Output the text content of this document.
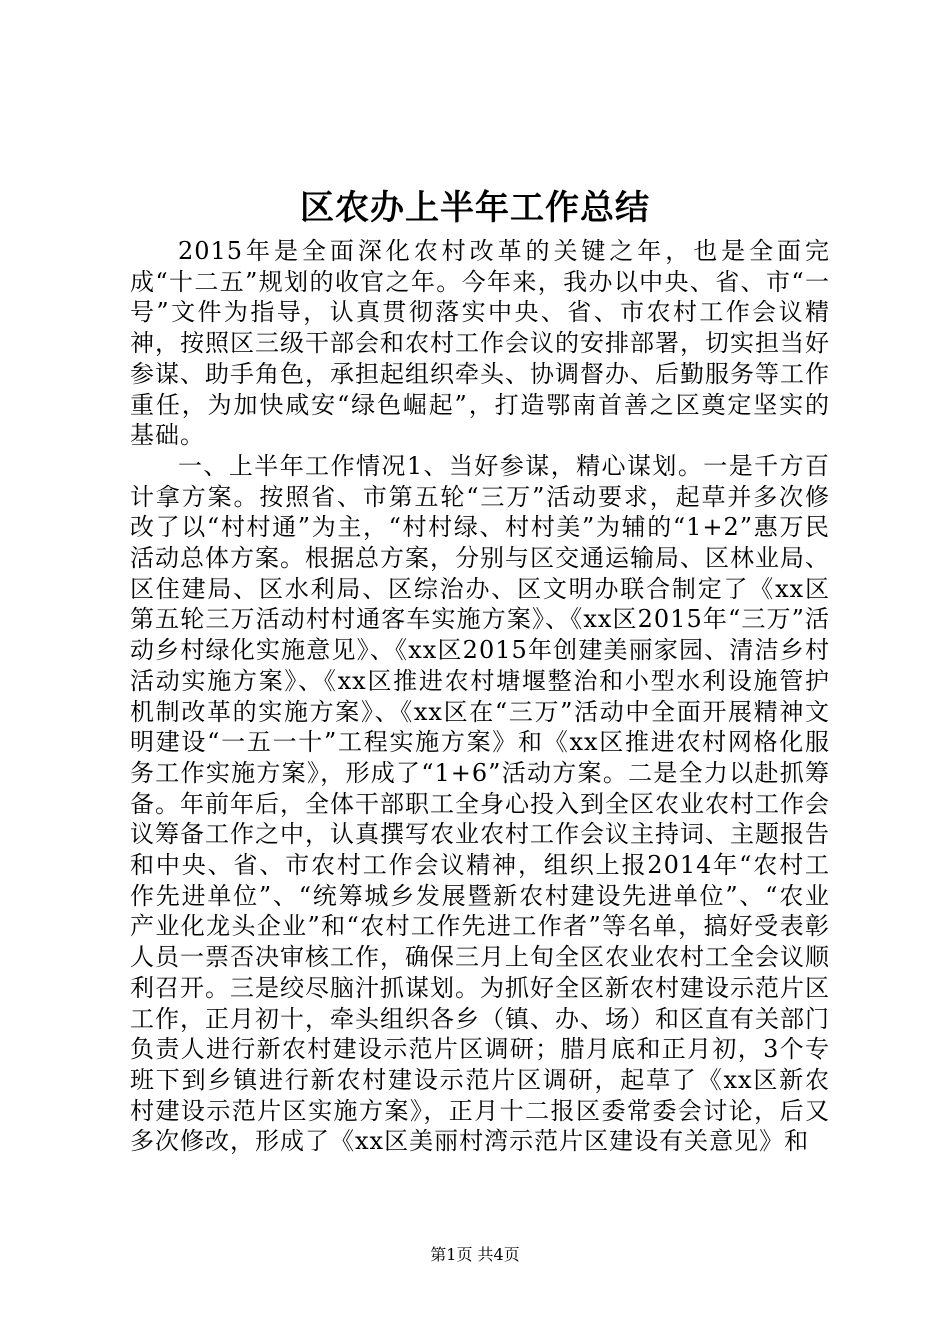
区农办上半年工作总结

2015年是全面深化农村改革的关键之年，也是全面完成“十二五”规划的收官之年。今年来，我办以中央、省、市“一号”文件为指导，认真贯彻落实中央、省、市农村工作会议精神，按照区三级干部会和农村工作会议的安排部署，切实担当好参谋、助手角色，承担起组织牵头、协调督办、后勤服务等工作重任，为加快咸安“绿色崛起”，打造鄂南首善之区奠定坚实的基础。

一、上半年工作情况1、当好参谋，精心谋划。一是千方百计拿方案。按照省、市第五轮“三万”活动要求，起草并多次修改了以“村村通”为主，“村村绿、村村美”为辅的“1+2”惠万民活动总体方案。根据总方案，分别与区交通运输局、区林业局、区住建局、区水利局、区综治办、区文明办联合制定了《xx区第五轮三万活动村村通客车实施方案》、《xx区2015年“三万”活动乡村绿化实施意见》、《xx区2015年创建美丽家园、清洁乡村活动实施方案》、《xx区推进农村塘堰整治和小型水利设施管护机制改革的实施方案》、《xx区在“三万”活动中全面开展精神文明建设“一五一十”工程实施方案》和《xx区推进农村网格化服务工作实施方案》，形成了“1+6”活动方案。二是全力以赴抓筹备。年前年后，全体干部职工全身心投入到全区农业农村工作会议筹备工作之中，认真撰写农业农村工作会议主持词、主题报告和中央、省、市农村工作会议精神，组织上报2014年“农村工作先进单位”、“统筹城乡发展暨新农村建设先进单位”、“农业产业化龙头企业”和“农村工作先进工作者”等名单，搞好受表彰人员一票否决审核工作，确保三月上旬全区农业农村工全会议顺利召开。三是绞尽脑汁抓谋划。为抓好全区新农村建设示范片区工作，正月初十，牵头组织各乡（镇、办、场）和区直有关部门负责人进行新农村建设示范片区调研；腊月底和正月初，3个专班下到乡镇进行新农村建设示范片区调研，起草了《xx区新农村建设示范片区实施方案》，正月十二报区委常委会讨论，后又多次修改，形成了《xx区美丽村湾示范片区建设有关意见》和

第1页 共4页
